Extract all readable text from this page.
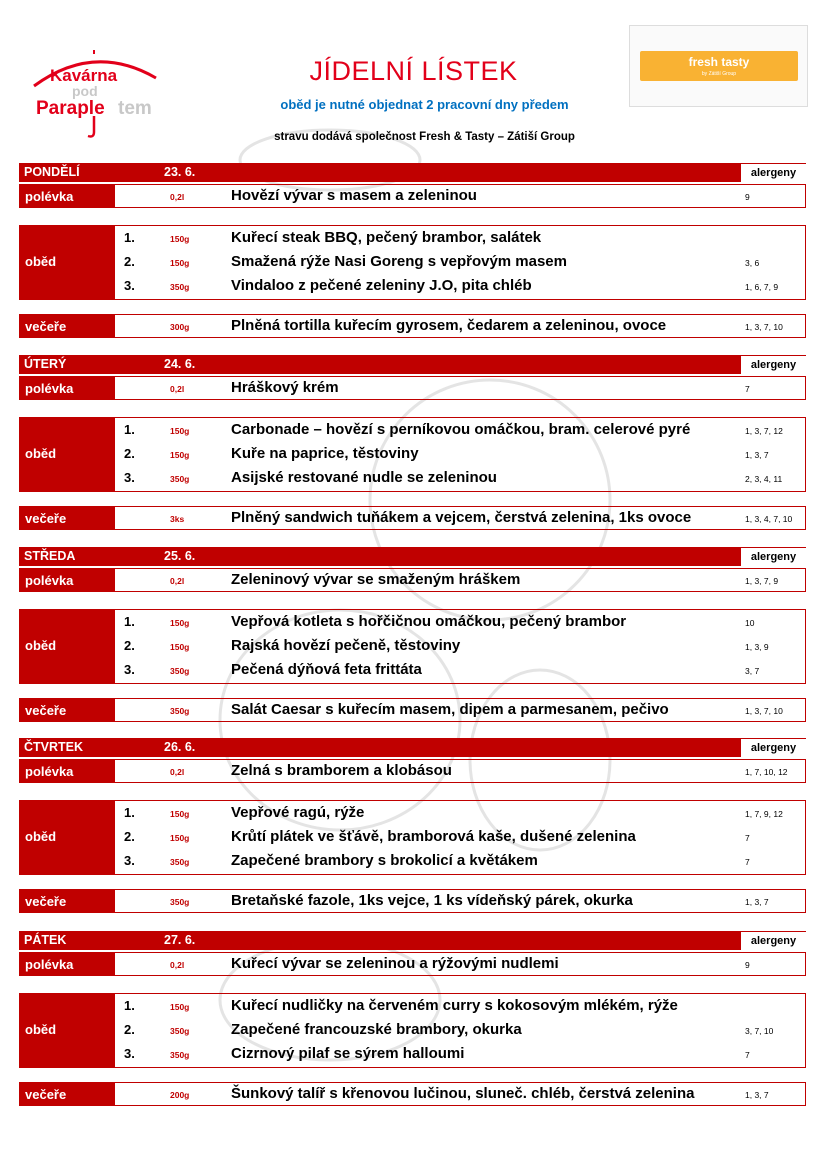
Kavárna
pod
Paraple tem
JÍDELNÍ LÍSTEK
oběd je nutné objednat 2 pracovní dny předem
stravu dodává společnost Fresh & Tasty – Zátiší Group
fresh tasty
by Zátiší Group
PONDĚLÍ	23. 6.	alergeny
polévka	0,2l	Hovězí vývar s masem a zeleninou	9
oběd
1.	150g	Kuřecí steak BBQ, pečený brambor, salátek
2.	150g	Smažená rýže Nasi Goreng s vepřovým masem	3, 6
3.	350g	Vindaloo z pečené zeleniny J.O, pita chléb	1, 6, 7, 9
večeře	300g	Plněná tortilla kuřecím gyrosem, čedarem a zeleninou, ovoce	1, 3, 7, 10
ÚTERÝ	24. 6.	alergeny
polévka	0,2l	Hráškový krém	7
oběd
1.	150g	Carbonade – hovězí s perníkovou omáčkou, bram. celerové pyré	1, 3, 7, 12
2.	150g	Kuře na paprice, těstoviny	1, 3, 7
3.	350g	Asijské restované nudle se zeleninou	2, 3, 4, 11
večeře	3ks	Plněný sandwich tuňákem a vejcem, čerstvá zelenina, 1ks ovoce	1, 3, 4, 7, 10
STŘEDA	25. 6.	alergeny
polévka	0,2l	Zeleninový vývar se smaženým hráškem	1, 3, 7, 9
oběd
1.	150g	Vepřová kotleta s hořčičnou omáčkou, pečený brambor	10
2.	150g	Rajská hovězí pečeně, těstoviny	1, 3, 9
3.	350g	Pečená dýňová feta frittáta	3, 7
večeře	350g	Salát Caesar s kuřecím masem, dipem a parmesanem, pečivo	1, 3, 7, 10
ČTVRTEK	26. 6.	alergeny
polévka	0,2l	Zelná s bramborem a klobásou	1, 7, 10, 12
oběd
1.	150g	Vepřové ragú, rýže	1, 7, 9, 12
2.	150g	Krůtí plátek ve šťávě, bramborová kaše, dušené zelenina	7
3.	350g	Zapečené brambory s brokolicí a květákem	7
večeře	350g	Bretaňské fazole, 1ks vejce, 1 ks vídeňský párek, okurka	1, 3, 7
PÁTEK	27. 6.	alergeny
polévka	0,2l	Kuřecí vývar se zeleninou a rýžovými nudlemi	9
oběd
1.	150g	Kuřecí nudličky na červeném curry s kokosovým mlékém, rýže
2.	350g	Zapečené francouzské brambory, okurka	3, 7, 10
3.	350g	Cizrnový pilaf se sýrem halloumi	7
večeře	200g	Šunkový talíř s křenovou lučinou, sluneč. chléb, čerstvá zelenina	1, 3, 7
